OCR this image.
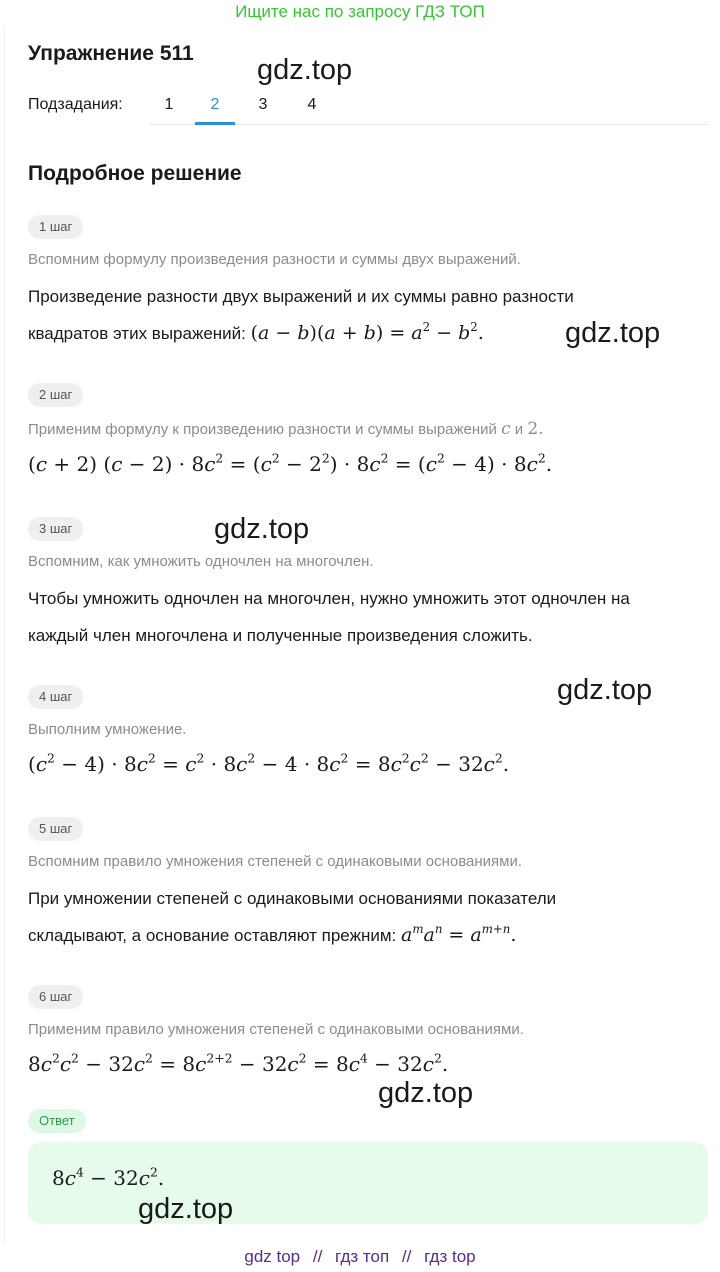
Ищите нас по запросу ГДЗ ТОП
Упражнение 511
Подзадания:	1	2	3	4
Подробное решение
1 шаг
Вспомним формулу произведения разности и суммы двух выражений.
Произведение разности двух выражений и их суммы равно разности
квадратов этих выражений: $(a - b)(a + b) = a^2 - b^2$.
2 шаг
Применим формулу к произведению разности и суммы выражений c и 2.
(c + 2) $(c - 2) \cdot 8c^2 = (c^2 - 2^2) \cdot 8c^2 = (c^2 - 4) \cdot 8c^2$.
3 шаг
Вспомним, как умножить одночлен на многочлен.
Чтобы умножить одночлен на многочлен, нужно умножить этот одночлен на
каждый член многочлена и полученные произведения сложить.
4 шаг
Выполним умножение.
$(c^2 - 4) \cdot 8c^2 = c^2 \cdot 8c^2 - 4 \cdot 8c^2 = 8c^2c^2 - 32c^2$.
5 шаг
Вспомним правило умножения степеней с одинаковыми основаниями.
При умножении степеней с одинаковыми основаниями показатели
складывают, а основание оставляют прежним: $a^ma^n = a^{m+n}$.
6 шаг
Применим правило умножения степеней с одинаковыми основаниями.
$8c^2c^2 - 32c^2 = 8c^{2+2} - 32c^2 = 8c^4 - 32c^2$.
Ответ
$8c^4 - 32c^2$.
gdz.top
gdz.top
gdz.top
gdz.top
gdz.top
gdz.top
gdz top // гдз топ // гдз top
